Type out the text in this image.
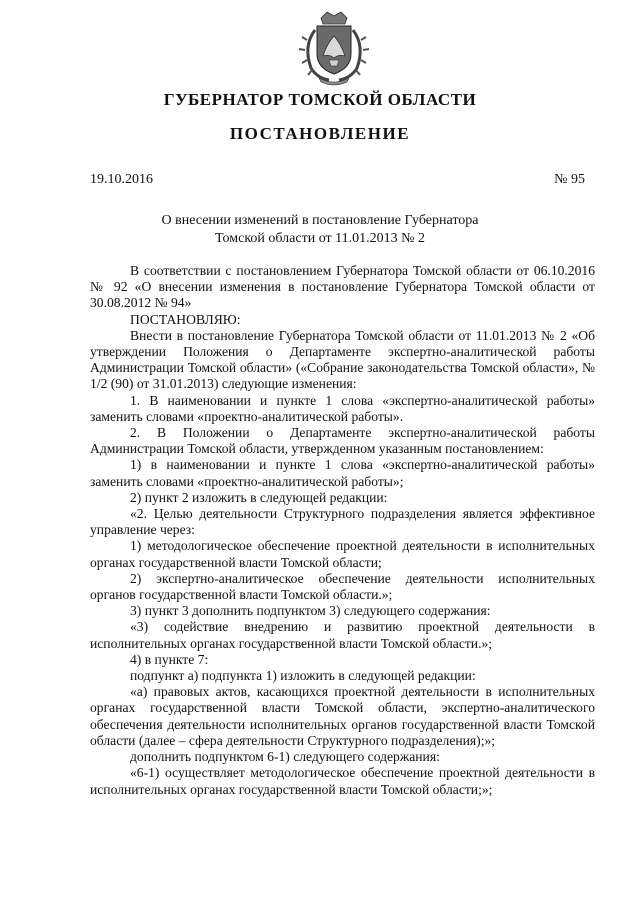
ГУБЕРНАТОР ТОМСКОЙ ОБЛАСТИ
ПОСТАНОВЛЕНИЕ
19.10.2016	№ 95
О внесении изменений в постановление Губернатора
Томской области от 11.01.2013 № 2

В соответствии с постановлением Губернатора Томской области от 06.10.2016 № 92 «О внесении изменения в постановление Губернатора Томской области от 30.08.2012 № 94»

ПОСТАНОВЛЯЮ:

Внести в постановление Губернатора Томской области от 11.01.2013 № 2 «Об утверждении Положения о Департаменте экспертно-аналитической работы Администрации Томской области» («Собрание законодательства Томской области», № 1/2 (90) от 31.01.2013) следующие изменения:

1. В наименовании и пункте 1 слова «экспертно-аналитической работы» заменить словами «проектно-аналитической работы».

2. В Положении о Департаменте экспертно-аналитической работы Администрации Томской области, утвержденном указанным постановлением:

1) в наименовании и пункте 1 слова «экспертно-аналитической работы» заменить словами «проектно-аналитической работы»;

2) пункт 2 изложить в следующей редакции:

«2. Целью деятельности Структурного подразделения является эффективное управление через:

1) методологическое обеспечение проектной деятельности в исполнительных органах государственной власти Томской области;

2) экспертно-аналитическое обеспечение деятельности исполнительных органов государственной власти Томской области.»;

3) пункт 3 дополнить подпунктом 3) следующего содержания:

«3) содействие внедрению и развитию проектной деятельности в исполнительных органах государственной власти Томской области.»;

4) в пункте 7:

подпункт а) подпункта 1) изложить в следующей редакции:

«а) правовых актов, касающихся проектной деятельности в исполнительных органах государственной власти Томской области, экспертно-аналитического обеспечения деятельности исполнительных органов государственной власти Томской области (далее – сфера деятельности Структурного подразделения);»;

дополнить подпунктом 6-1) следующего содержания:

«6-1) осуществляет методологическое обеспечение проектной деятельности в исполнительных органах государственной власти Томской области;»;
